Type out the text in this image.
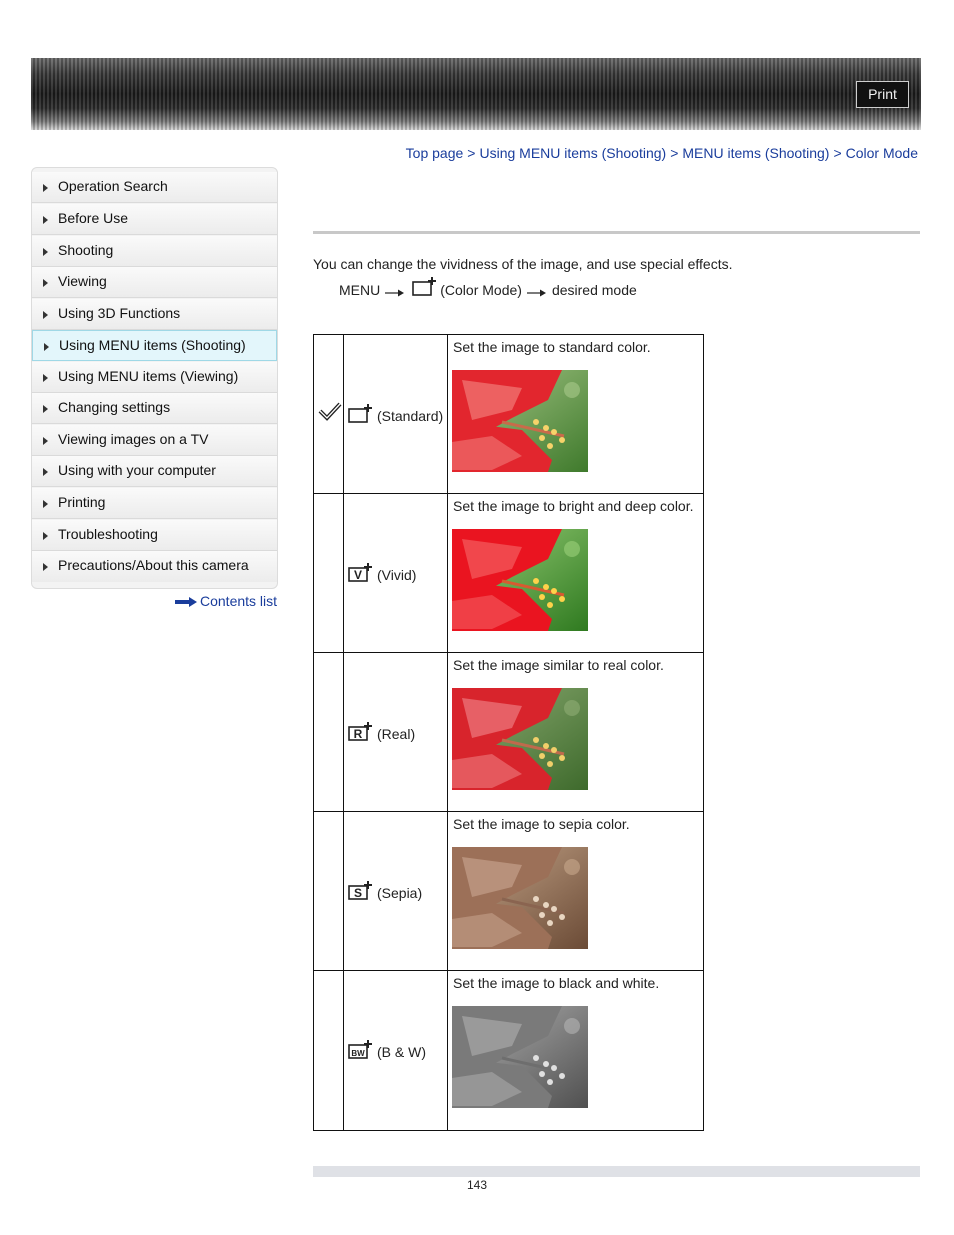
Print
Top page > Using MENU items (Shooting) > MENU items (Shooting) > Color Mode
Operation Search
Before Use
Shooting
Viewing
Using 3D Functions
Using MENU items (Shooting)
Using MENU items (Viewing)
Changing settings
Viewing images on a TV
Using with your computer
Printing
Troubleshooting
Precautions/About this camera
Contents list
You can change the vividness of the image, and use special effects.
MENU	(Color Mode) desired mode
(Standard)
Set the image to standard color.
V (Vivid)
Set the image to bright and deep color.
R (Real)
Set the image similar to real color.
S (Sepia)
Set the image to sepia color.
BW (B & W)
Set the image to black and white.
143
